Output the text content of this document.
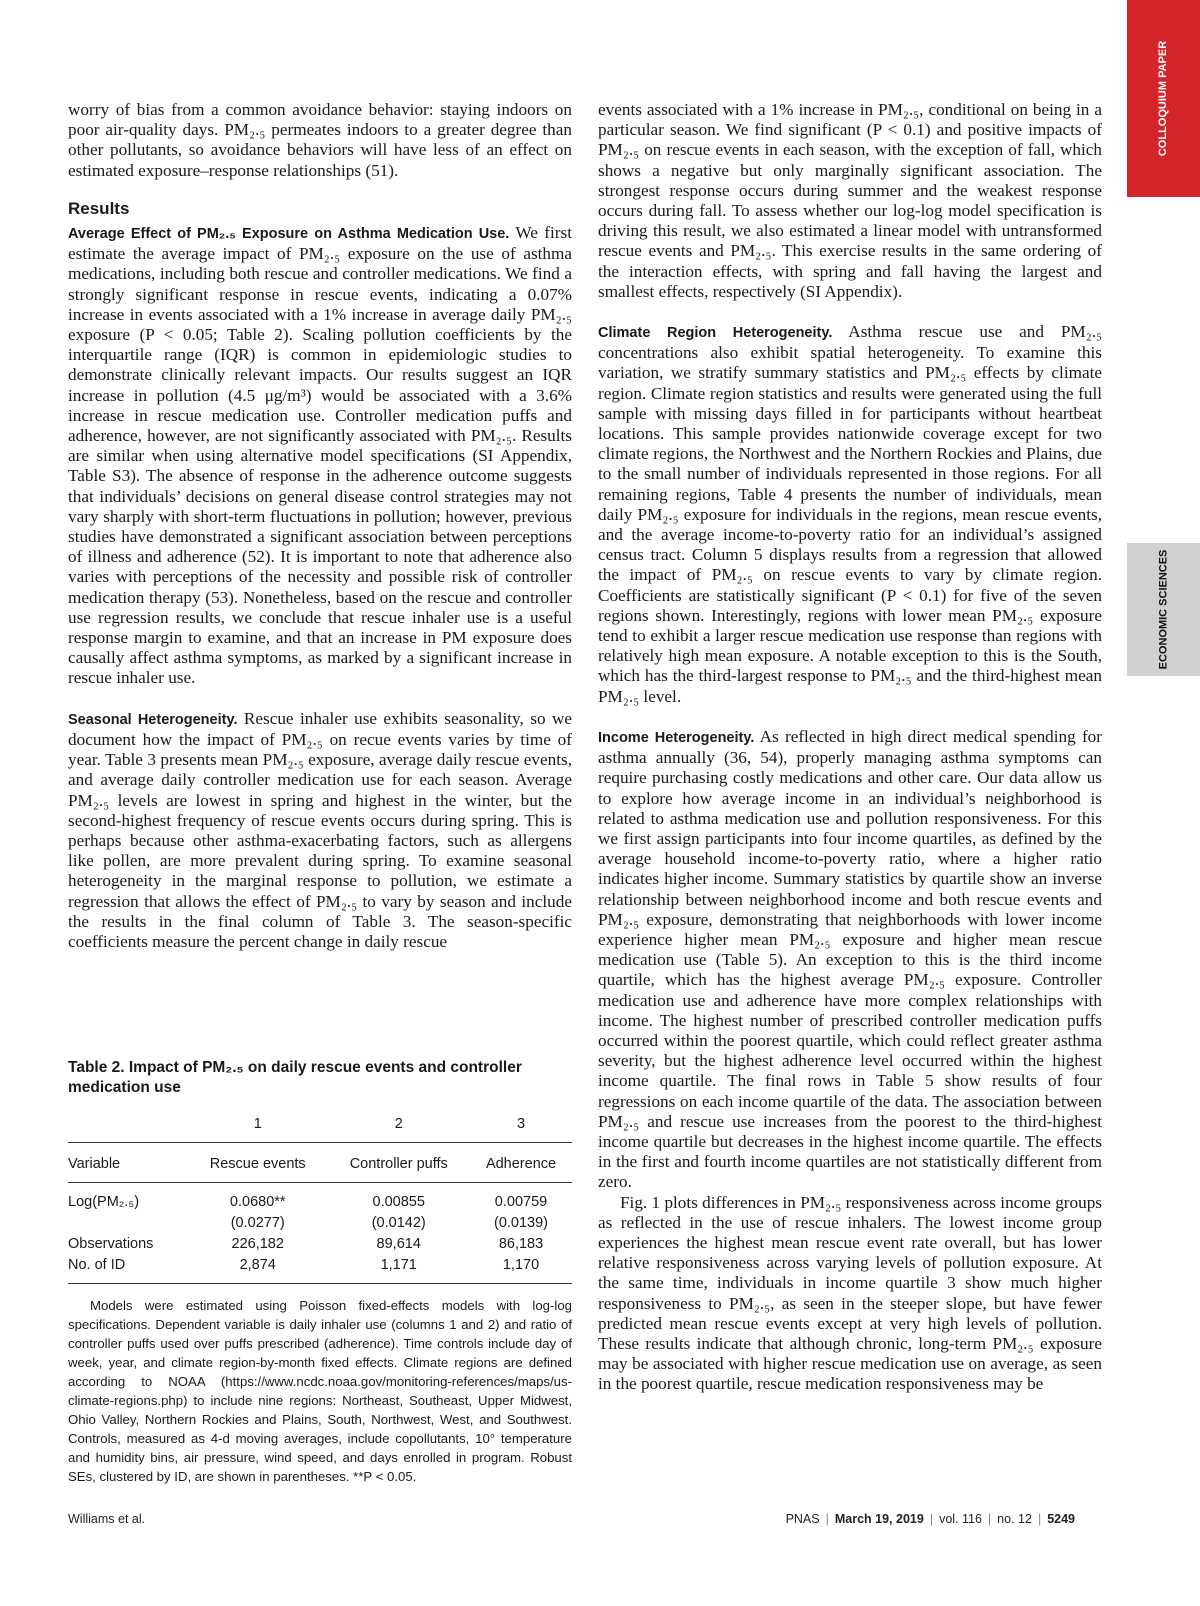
COLLOQUIUM PAPER
ECONOMIC SCIENCES

worry of bias from a common avoidance behavior: staying indoors on poor air-quality days. PM₂.₅ permeates indoors to a greater degree than other pollutants, so avoidance behaviors will have less of an effect on estimated exposure–response relationships (51).

Results

Average Effect of PM₂.₅ Exposure on Asthma Medication Use. We first estimate the average impact of PM₂.₅ exposure on the use of asthma medications, including both rescue and controller medications. We find a strongly significant response in rescue events, indicating a 0.07% increase in events associated with a 1% increase in average daily PM₂.₅ exposure (P < 0.05; Table 2). Scaling pollution coefficients by the interquartile range (IQR) is common in epidemiologic studies to demonstrate clinically relevant impacts. Our results suggest an IQR increase in pollution (4.5 μg/m³) would be associated with a 3.6% increase in rescue medication use. Controller medication puffs and adherence, however, are not significantly associated with PM₂.₅. Results are similar when using alternative model specifications (SI Appendix, Table S3). The absence of response in the adherence outcome suggests that individuals’ decisions on general disease control strategies may not vary sharply with short-term fluctuations in pollution; however, previous studies have demonstrated a significant association between perceptions of illness and adherence (52). It is important to note that adherence also varies with perceptions of the necessity and possible risk of controller medication therapy (53). Nonetheless, based on the rescue and controller use regression results, we conclude that rescue inhaler use is a useful response margin to examine, and that an increase in PM exposure does causally affect asthma symptoms, as marked by a significant increase in rescue inhaler use.

Seasonal Heterogeneity. Rescue inhaler use exhibits seasonality, so we document how the impact of PM₂.₅ on recue events varies by time of year. Table 3 presents mean PM₂.₅ exposure, average daily rescue events, and average daily controller medication use for each season. Average PM₂.₅ levels are lowest in spring and highest in the winter, but the second-highest frequency of rescue events occurs during spring. This is perhaps because other asthma-exacerbating factors, such as allergens like pollen, are more prevalent during spring. To examine seasonal heterogeneity in the marginal response to pollution, we estimate a regression that allows the effect of PM₂.₅ to vary by season and include the results in the final column of Table 3. The season-specific coefficients measure the percent change in daily rescue

Table 2. Impact of PM₂.₅ on daily rescue events and controller medication use
	1	2	3
Variable	Rescue events	Controller puffs	Adherence
Log(PM₂.₅)	0.0680**	0.00855	0.00759
	(0.0277)	(0.0142)	(0.0139)
Observations	226,182	89,614	86,183
No. of ID	2,874	1,171	1,170
Models were estimated using Poisson fixed-effects models with log-log specifications. Dependent variable is daily inhaler use (columns 1 and 2) and ratio of controller puffs used over puffs prescribed (adherence). Time controls include day of week, year, and climate region-by-month fixed effects. Climate regions are defined according to NOAA (https://www.ncdc.noaa.gov/monitoring-references/maps/us-climate-regions.php) to include nine regions: Northeast, Southeast, Upper Midwest, Ohio Valley, Northern Rockies and Plains, South, Northwest, West, and Southwest. Controls, measured as 4-d moving averages, include copollutants, 10° temperature and humidity bins, air pressure, wind speed, and days enrolled in program. Robust SEs, clustered by ID, are shown in parentheses. **P < 0.05.

events associated with a 1% increase in PM₂.₅, conditional on being in a particular season. We find significant (P < 0.1) and positive impacts of PM₂.₅ on rescue events in each season, with the exception of fall, which shows a negative but only marginally significant association. The strongest response occurs during summer and the weakest response occurs during fall. To assess whether our log-log model specification is driving this result, we also estimated a linear model with untransformed rescue events and PM₂.₅. This exercise results in the same ordering of the interaction effects, with spring and fall having the largest and smallest effects, respectively (SI Appendix).

Climate Region Heterogeneity. Asthma rescue use and PM₂.₅ concentrations also exhibit spatial heterogeneity. To examine this variation, we stratify summary statistics and PM₂.₅ effects by climate region. Climate region statistics and results were generated using the full sample with missing days filled in for participants without heartbeat locations. This sample provides nationwide coverage except for two climate regions, the Northwest and the Northern Rockies and Plains, due to the small number of individuals represented in those regions. For all remaining regions, Table 4 presents the number of individuals, mean daily PM₂.₅ exposure for individuals in the regions, mean rescue events, and the average income-to-poverty ratio for an individual’s assigned census tract. Column 5 displays results from a regression that allowed the impact of PM₂.₅ on rescue events to vary by climate region. Coefficients are statistically significant (P < 0.1) for five of the seven regions shown. Interestingly, regions with lower mean PM₂.₅ exposure tend to exhibit a larger rescue medication use response than regions with relatively high mean exposure. A notable exception to this is the South, which has the third-largest response to PM₂.₅ and the third-highest mean PM₂.₅ level.

Income Heterogeneity. As reflected in high direct medical spending for asthma annually (36, 54), properly managing asthma symptoms can require purchasing costly medications and other care. Our data allow us to explore how average income in an individual’s neighborhood is related to asthma medication use and pollution responsiveness. For this we first assign participants into four income quartiles, as defined by the average household income-to-poverty ratio, where a higher ratio indicates higher income. Summary statistics by quartile show an inverse relationship between neighborhood income and both rescue events and PM₂.₅ exposure, demonstrating that neighborhoods with lower income experience higher mean PM₂.₅ exposure and higher mean rescue medication use (Table 5). An exception to this is the third income quartile, which has the highest average PM₂.₅ exposure. Controller medication use and adherence have more complex relationships with income. The highest number of prescribed controller medication puffs occurred within the poorest quartile, which could reflect greater asthma severity, but the highest adherence level occurred within the highest income quartile. The final rows in Table 5 show results of four regressions on each income quartile of the data. The association between PM₂.₅ and rescue use increases from the poorest to the third-highest income quartile but decreases in the highest income quartile. The effects in the first and fourth income quartiles are not statistically different from zero.

Fig. 1 plots differences in PM₂.₅ responsiveness across income groups as reflected in the use of rescue inhalers. The lowest income group experiences the highest mean rescue event rate overall, but has lower relative responsiveness across varying levels of pollution exposure. At the same time, individuals in income quartile 3 show much higher responsiveness to PM₂.₅, as seen in the steeper slope, but have fewer predicted mean rescue events except at very high levels of pollution. These results indicate that although chronic, long-term PM₂.₅ exposure may be associated with higher rescue medication use on average, as seen in the poorest quartile, rescue medication responsiveness may be

Williams et al.	PNAS | March 19, 2019 | vol. 116 | no. 12 | 5249
